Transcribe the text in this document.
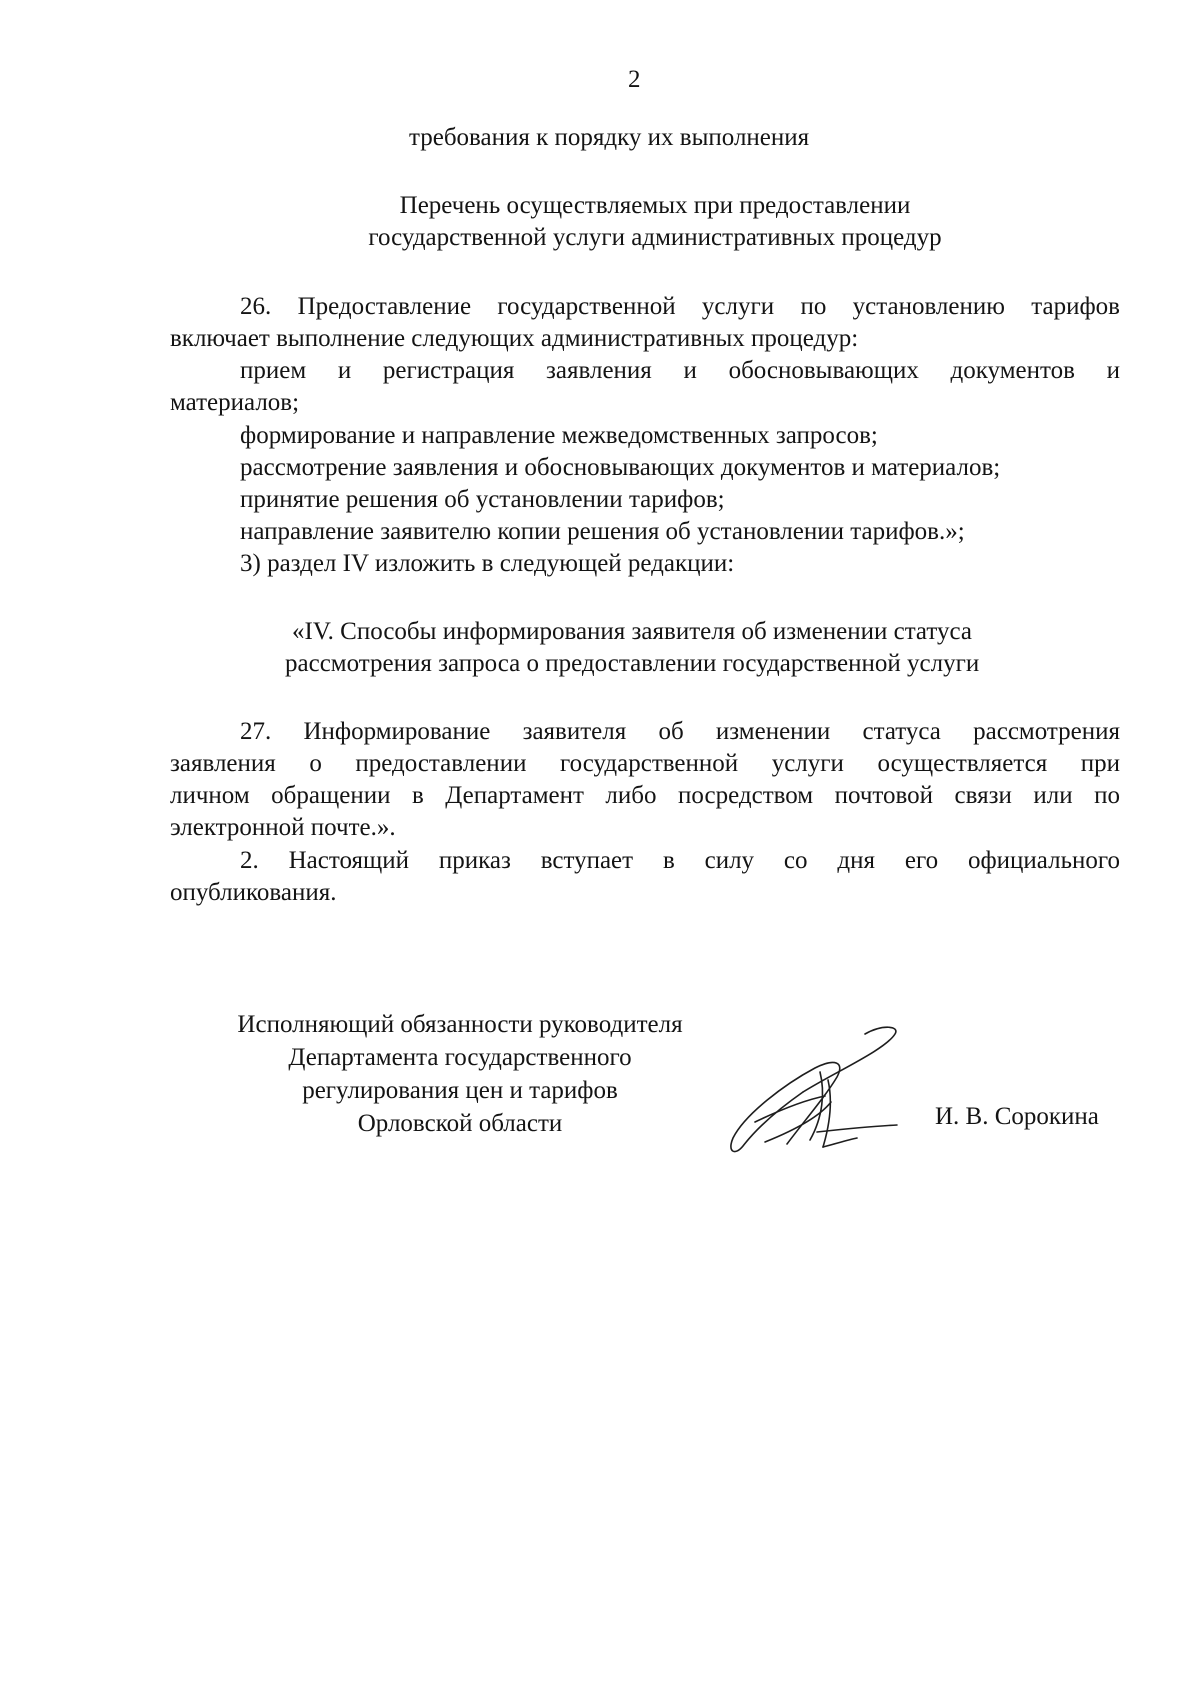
2
требования к порядку их выполнения
Перечень осуществляемых при предоставлении
государственной услуги административных процедур
26. Предоставление государственной услуги по установлению тарифов
включает выполнение следующих административных процедур:
прием и регистрация заявления и обосновывающих документов и
материалов;
формирование и направление межведомственных запросов;
рассмотрение заявления и обосновывающих документов и материалов;
принятие решения об установлении тарифов;
направление заявителю копии решения об установлении тарифов.»;
3) раздел IV изложить в следующей редакции:
«IV. Способы информирования заявителя об изменении статуса
рассмотрения запроса о предоставлении государственной услуги
27. Информирование заявителя об изменении статуса рассмотрения
заявления о предоставлении государственной услуги осуществляется при
личном обращении в Департамент либо посредством почтовой связи или по
электронной почте.».
2. Настоящий приказ вступает в силу со дня его официального
опубликования.
Исполняющий обязанности руководителя
Департамента государственного
регулирования цен и тарифов
Орловской области	И. В. Сорокина
